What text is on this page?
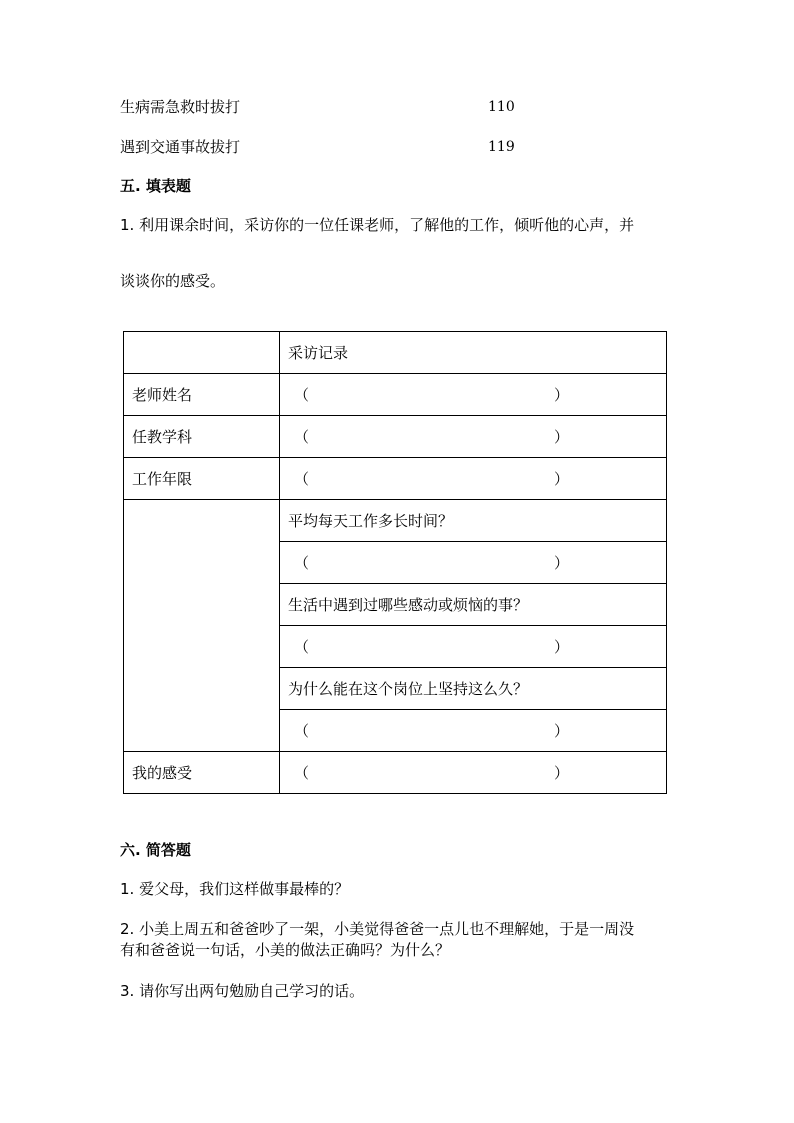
生病需急救时拔打	110
遇到交通事故拔打	119
五. 填表题
1. 利用课余时间，采访你的一位任课老师，了解他的工作，倾听他的心声，并
谈谈你的感受。
	采访记录
老师姓名	（ ）

任教学科	（ ）

工作年限	（ ）

	平均每天工作多长时间？

	（ ）

	生活中遇到过哪些感动或烦恼的事？

	（ ）

	为什么能在这个岗位上坚持这么久？

	（ ）

我的感受	（ ）
六. 简答题
1. 爱父母，我们这样做事最棒的？
2. 小美上周五和爸爸吵了一架，小美觉得爸爸一点儿也不理解她，于是一周没
有和爸爸说一句话，小美的做法正确吗？为什么？
3. 请你写出两句勉励自己学习的话。
